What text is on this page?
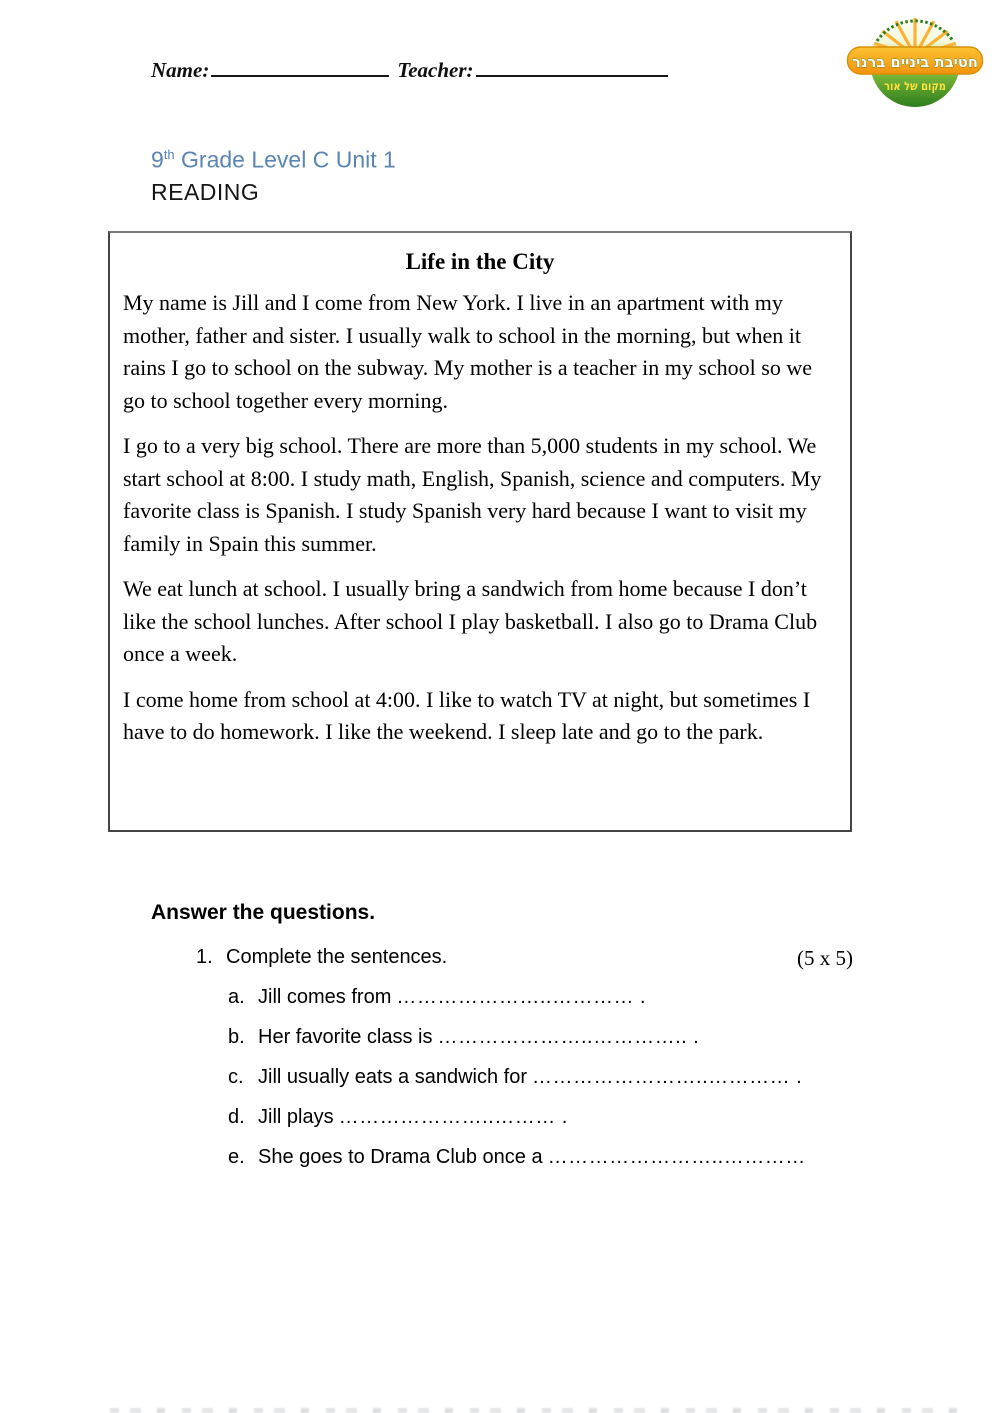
Name:	Teacher:	חטיבת ביניים ברנר
מקום של אור
9th Grade Level C Unit 1
READING
Life in the City

My name is Jill and I come from New York. I live in an apartment with my mother, father and sister. I usually walk to school in the morning, but when it rains I go to school on the subway. My mother is a teacher in my school so we go to school together every morning.

I go to a very big school. There are more than 5,000 students in my school. We start school at 8:00. I study math, English, Spanish, science and computers. My favorite class is Spanish. I study Spanish very hard because I want to visit my family in Spain this summer.

We eat lunch at school. I usually bring a sandwich from home because I don’t like the school lunches. After school I play basketball. I also go to Drama Club once a week.

I come home from school at 4:00. I like to watch TV at night, but sometimes I have to do homework. I like the weekend. I sleep late and go to the park.

Answer the questions.
1. Complete the sentences.	(5 x 5)
a. Jill comes from …………………..………… .
b. Her favorite class is …………………..………….. .
c. Jill usually eats a sandwich for ……………………..………… .
d. Jill plays …………………..……… .
e. She goes to Drama Club once a ……………………..…………
